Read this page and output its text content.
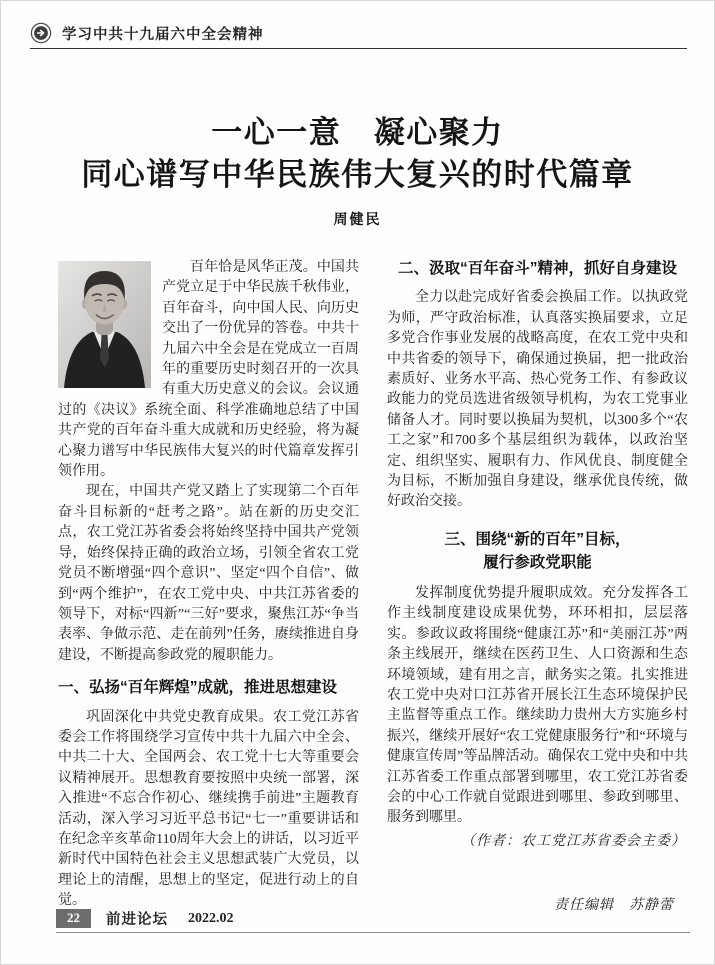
学习中共十九届六中全会精神
一心一意　凝心聚力
同心谱写中华民族伟大复兴的时代篇章
周健民

百年恰是风华正茂。中国共产党立足于中华民族千秋伟业，百年奋斗，向中国人民、向历史交出了一份优异的答卷。中共十九届六中全会是在党成立一百周年的重要历史时刻召开的一次具有重大历史意义的会议。会议通过的《决议》系统全面、科学准确地总结了中国共产党的百年奋斗重大成就和历史经验，将为凝心聚力谱写中华民族伟大复兴的时代篇章发挥引领作用。

现在，中国共产党又踏上了实现第二个百年奋斗目标新的“赶考之路”。站在新的历史交汇点，农工党江苏省委会将始终坚持中国共产党领导，始终保持正确的政治立场，引领全省农工党党员不断增强“四个意识”、坚定“四个自信”、做到“两个维护”，在农工党中央、中共江苏省委的领导下，对标“四新”“三好”要求，聚焦江苏“争当表率、争做示范、走在前列”任务，赓续推进自身建设，不断提高参政党的履职能力。

一、弘扬“百年辉煌”成就，推进思想建设

巩固深化中共党史教育成果。农工党江苏省委会工作将围绕学习宣传中共十九届六中全会、中共二十大、全国两会、农工党十七大等重要会议精神展开。思想教育要按照中央统一部署，深入推进“不忘合作初心、继续携手前进”主题教育活动，深入学习习近平总书记“七一”重要讲话和在纪念辛亥革命110周年大会上的讲话，以习近平新时代中国特色社会主义思想武装广大党员，以理论上的清醒，思想上的坚定，促进行动上的自觉。

二、汲取“百年奋斗”精神，抓好自身建设

全力以赴完成好省委会换届工作。以执政党为师，严守政治标准，认真落实换届要求，立足多党合作事业发展的战略高度，在农工党中央和中共省委的领导下，确保通过换届，把一批政治素质好、业务水平高、热心党务工作、有参政议政能力的党员选进省级领导机构，为农工党事业储备人才。同时要以换届为契机，以300多个“农工之家”和700多个基层组织为载体，以政治坚定、组织坚实、履职有力、作风优良、制度健全为目标，不断加强自身建设，继承优良传统，做好政治交接。

三、围绕“新的百年”目标，
履行参政党职能

发挥制度优势提升履职成效。充分发挥各工作主线制度建设成果优势，环环相扣，层层落实。参政议政将围绕“健康江苏”和“美丽江苏”两条主线展开，继续在医药卫生、人口资源和生态环境领域，建有用之言，献务实之策。扎实推进农工党中央对口江苏省开展长江生态环境保护民主监督等重点工作。继续助力贵州大方实施乡村振兴，继续开展好“农工党健康服务行”和“环境与健康宣传周”等品牌活动。确保农工党中央和中共江苏省委工作重点部署到哪里，农工党江苏省委会的中心工作就自觉跟进到哪里、参政到哪里、服务到哪里。

（作者：农工党江苏省委会主委）

责任编辑　苏静蕾

22	前进论坛 2022.02
